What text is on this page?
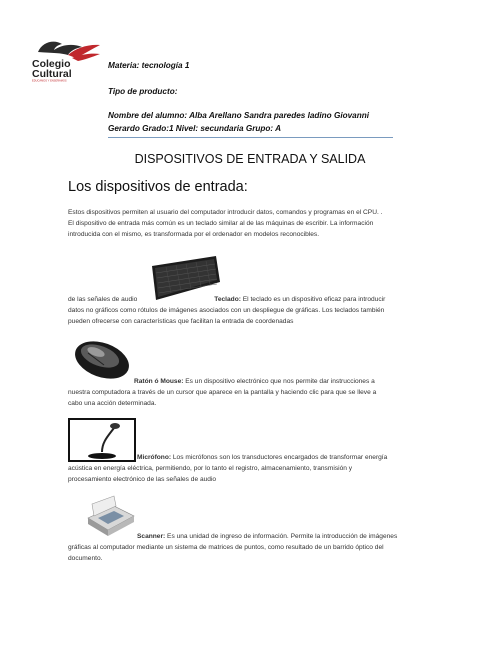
Colegio
Cultural
EDUCAMOS Y ENSEÑAMOS
Materia: tecnología 1
Tipo de producto:
Nombre del alumno: Alba Arellano Sandra paredes ladino Giovanni
Gerardo Grado:1 Nivel: secundaria Grupo: A
DISPOSITIVOS DE ENTRADA Y SALIDA
Los dispositivos de entrada:
Estos dispositivos permiten al usuario del computador introducir datos, comandos y programas en el CPU. .
El dispositivo de entrada más común es un teclado similar al de las máquinas de escribir. La información
introducida con el mismo, es transformada por el ordenador en modelos reconocibles.
de las señales de audio	Teclado: El teclado es un dispositivo eficaz para introducir
datos no gráficos como rótulos de imágenes asociados con un despliegue de gráficas. Los teclados también
pueden ofrecerse con características que facilitan la entrada de coordenadas
Ratón ó Mouse: Es un dispositivo electrónico que nos permite dar instrucciones a
nuestra computadora a través de un cursor que aparece en la pantalla y haciendo clic para que se lleve a
cabo una acción determinada.
Micrófono: Los micrófonos son los transductores encargados de transformar energía
acústica en energía eléctrica, permitiendo, por lo tanto el registro, almacenamiento, transmisión y
procesamiento electrónico de las señales de audio
Scanner: Es una unidad de ingreso de información. Permite la introducción de imágenes
gráficas al computador mediante un sistema de matrices de puntos, como resultado de un barrido óptico del
documento.
